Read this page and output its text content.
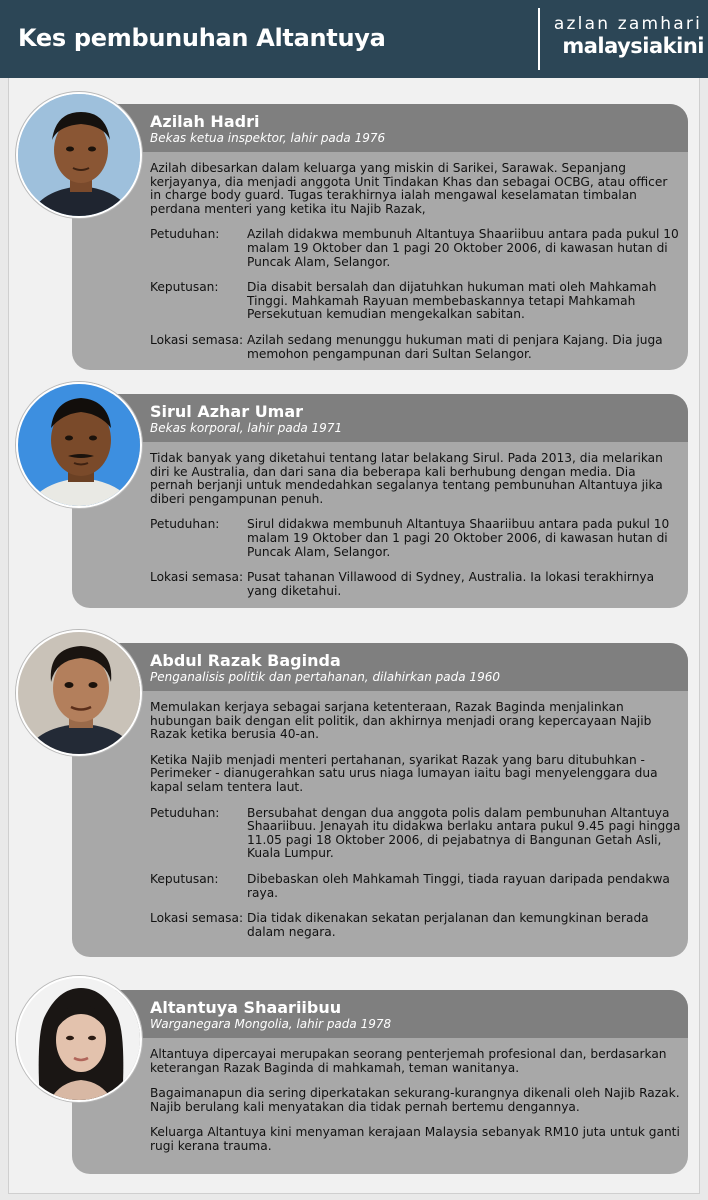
Kes pembunuhan Altantuya	azlan zamhari
malaysiakini
Azilah Hadri
Bekas ketua inspektor, lahir pada 1976
Azilah dibesarkan dalam keluarga yang miskin di Sarikei, Sarawak. Sepanjang kerjayanya, dia menjadi anggota Unit Tindakan Khas dan sebagai OCBG, atau officer in charge body guard. Tugas terakhirnya ialah mengawal keselamatan timbalan perdana menteri yang ketika itu Najib Razak,
Petuduhan:	Azilah didakwa membunuh Altantuya Shaariibuu antara pada pukul 10 malam 19 Oktober dan 1 pagi 20 Oktober 2006, di kawasan hutan di Puncak Alam, Selangor.
Keputusan:	Dia disabit bersalah dan dijatuhkan hukuman mati oleh Mahkamah Tinggi. Mahkamah Rayuan membebaskannya tetapi Mahkamah Persekutuan kemudian mengekalkan sabitan.
Lokasi semasa: Azilah sedang menunggu hukuman mati di penjara Kajang. Dia juga memohon pengampunan dari Sultan Selangor.
Sirul Azhar Umar
Bekas korporal, lahir pada 1971
Tidak banyak yang diketahui tentang latar belakang Sirul. Pada 2013, dia melarikan diri ke Australia, dan dari sana dia beberapa kali berhubung dengan media. Dia pernah berjanji untuk mendedahkan segalanya tentang pembunuhan Altantuya jika diberi pengampunan penuh.
Petuduhan:	Sirul didakwa membunuh Altantuya Shaariibuu antara pada pukul 10 malam 19 Oktober dan 1 pagi 20 Oktober 2006, di kawasan hutan di Puncak Alam, Selangor.
Lokasi semasa: Pusat tahanan Villawood di Sydney, Australia. Ia lokasi terakhirnya yang diketahui.
Abdul Razak Baginda
Penganalisis politik dan pertahanan, dilahirkan pada 1960
Memulakan kerjaya sebagai sarjana ketenteraan, Razak Baginda menjalinkan hubungan baik dengan elit politik, dan akhirnya menjadi orang kepercayaan Najib Razak ketika berusia 40-an.
Ketika Najib menjadi menteri pertahanan, syarikat Razak yang baru ditubuhkan - Perimeker - dianugerahkan satu urus niaga lumayan iaitu bagi menyelenggara dua kapal selam tentera laut.
Petuduhan:	Bersubahat dengan dua anggota polis dalam pembunuhan Altantuya Shaariibuu. Jenayah itu didakwa berlaku antara pukul 9.45 pagi hingga 11.05 pagi 18 Oktober 2006, di pejabatnya di Bangunan Getah Asli, Kuala Lumpur.
Keputusan:	Dibebaskan oleh Mahkamah Tinggi, tiada rayuan daripada pendakwa raya.
Lokasi semasa: Dia tidak dikenakan sekatan perjalanan dan kemungkinan berada dalam negara.
Altantuya Shaariibuu
Warganegara Mongolia, lahir pada 1978
Altantuya dipercayai merupakan seorang penterjemah profesional dan, berdasarkan keterangan Razak Baginda di mahkamah, teman wanitanya.
Bagaimanapun dia sering diperkatakan sekurang-kurangnya dikenali oleh Najib Razak. Najib berulang kali menyatakan dia tidak pernah bertemu dengannya.
Keluarga Altantuya kini menyaman kerajaan Malaysia sebanyak RM10 juta untuk ganti rugi kerana trauma.
